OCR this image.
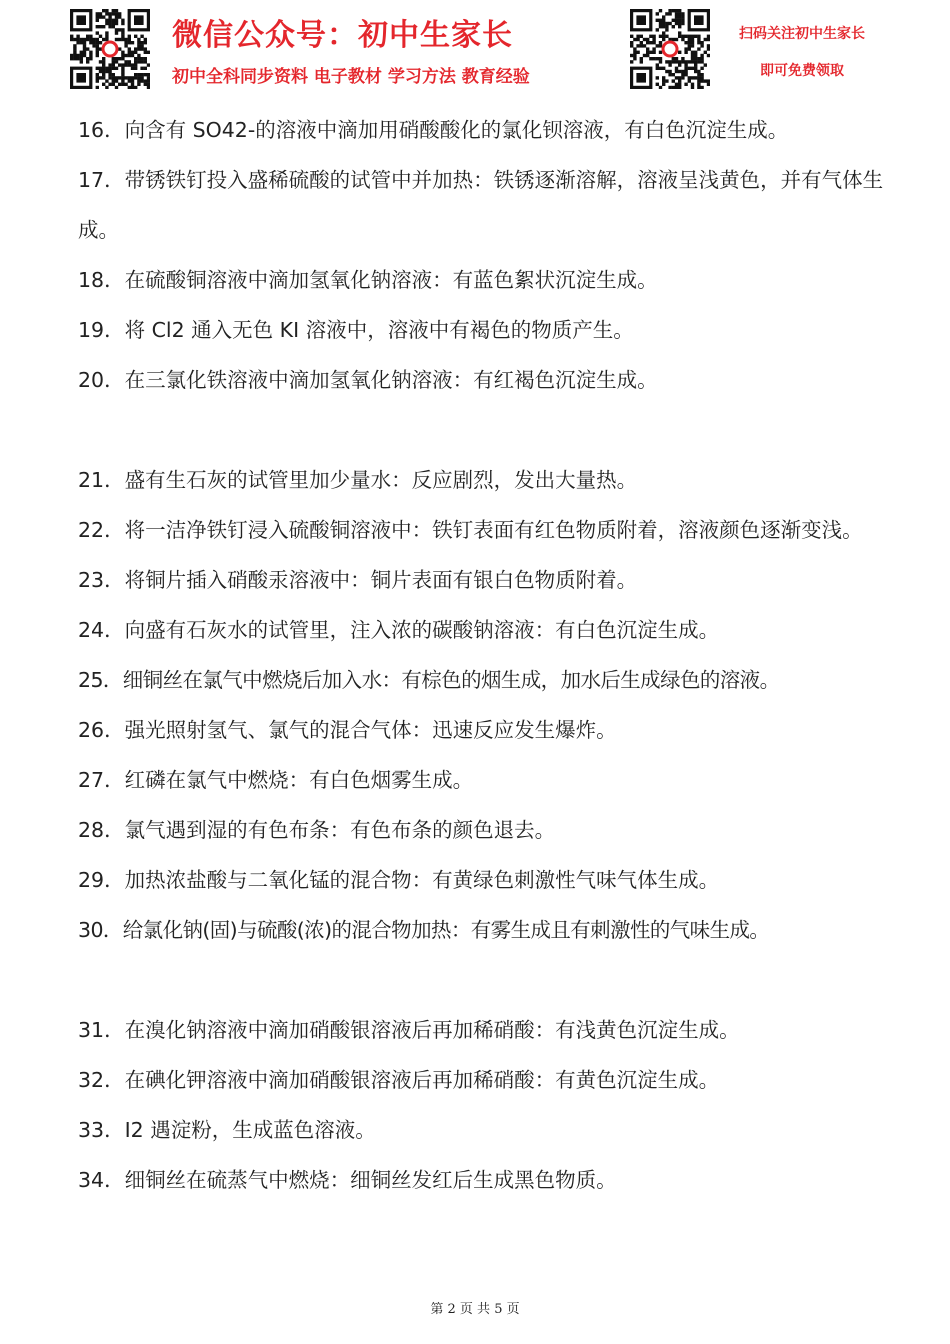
微信公众号：初中生家长
初中全科同步资料 电子教材 学习方法 教育经验
扫码关注初中生家长
即可免费领取
16．向含有 SO42-的溶液中滴加用硝酸酸化的氯化钡溶液，有白色沉淀生成。
17．带锈铁钉投入盛稀硫酸的试管中并加热：铁锈逐渐溶解，溶液呈浅黄色，并有气体生成。
18．在硫酸铜溶液中滴加氢氧化钠溶液：有蓝色絮状沉淀生成。
19．将 Cl2 通入无色 KI 溶液中，溶液中有褐色的物质产生。
20．在三氯化铁溶液中滴加氢氧化钠溶液：有红褐色沉淀生成。
21．盛有生石灰的试管里加少量水：反应剧烈，发出大量热。
22．将一洁净铁钉浸入硫酸铜溶液中：铁钉表面有红色物质附着，溶液颜色逐渐变浅。
23．将铜片插入硝酸汞溶液中：铜片表面有银白色物质附着。
24．向盛有石灰水的试管里，注入浓的碳酸钠溶液：有白色沉淀生成。
25．细铜丝在氯气中燃烧后加入水：有棕色的烟生成，加水后生成绿色的溶液。
26．强光照射氢气、氯气的混合气体：迅速反应发生爆炸。
27．红磷在氯气中燃烧：有白色烟雾生成。
28．氯气遇到湿的有色布条：有色布条的颜色退去。
29．加热浓盐酸与二氧化锰的混合物：有黄绿色刺激性气味气体生成。
30．给氯化钠(固)与硫酸(浓)的混合物加热：有雾生成且有刺激性的气味生成。
31．在溴化钠溶液中滴加硝酸银溶液后再加稀硝酸：有浅黄色沉淀生成。
32．在碘化钾溶液中滴加硝酸银溶液后再加稀硝酸：有黄色沉淀生成。
33．I2 遇淀粉，生成蓝色溶液。
34．细铜丝在硫蒸气中燃烧：细铜丝发红后生成黑色物质。
第 2 页 共 5 页
